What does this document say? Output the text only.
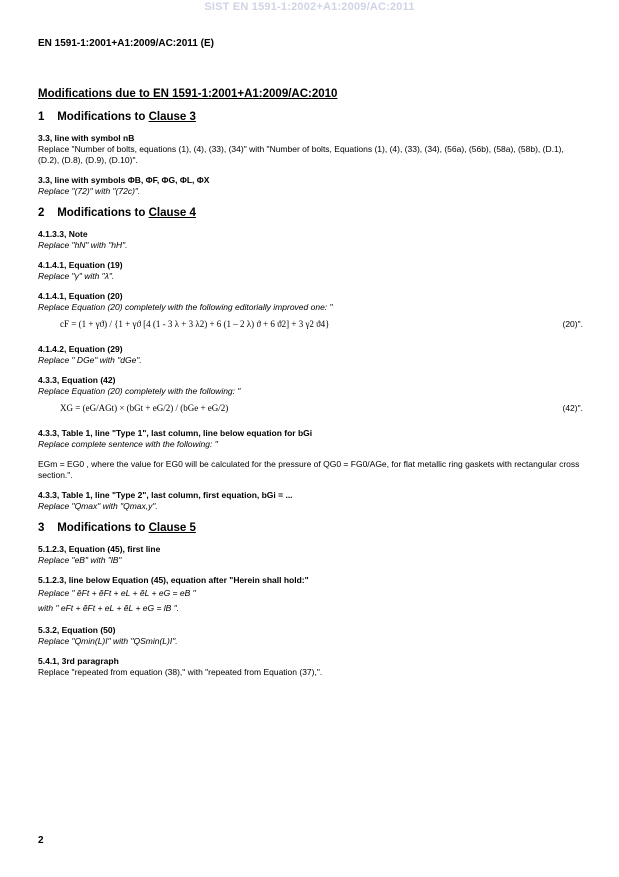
SIST EN 1591-1:2002+A1:2009/AC:2011
EN 1591-1:2001+A1:2009/AC:2011 (E)
Modifications due to EN 1591-1:2001+A1:2009/AC:2010
1 Modifications to Clause 3
3.3, line with symbol nB
Replace "Number of bolts, equations (1), (4), (33), (34)" with "Number of bolts, Equations (1), (4), (33), (34), (56a), (56b), (58a), (58b), (D.1), (D.2), (D.8), (D.9), (D.10)".
3.3, line with symbols ΦB, ΦF, ΦG, ΦL, ΦX
Replace "(72)" with "(72c)".
2 Modifications to Clause 4
4.1.3.3, Note
Replace "hN" with "hH".
4.1.4.1, Equation (19)
Replace "γ" with "λ".
4.1.4.1, Equation (20)
Replace Equation (20) completely with the following editorially improved one: "
cF = (1 + γϑ) / {1 + γϑ [4 (1 - 3 λ + 3 λ2) + 6 (1 – 2 λ) ϑ + 6 ϑ2] + 3 γ2 ϑ4}	(20)".
4.1.4.2, Equation (29)
Replace " DGe" with "dGe".
4.3.3, Equation (42)
Replace Equation (20) completely with the following: "
XG = (eG/AGt) × (bGt + eG/2) / (bGe + eG/2)	(42)".
4.3.3, Table 1, line "Type 1", last column, line below equation for bGi
Replace complete sentence with the following: "
EGm = EG0 , where the value for EG0 will be calculated for the pressure of QG0 = FG0/AGe, for flat metallic ring gaskets with rectangular cross section.".
4.3.3, Table 1, line "Type 2", last column, first equation, bGi = ...
Replace "Qmax" with "Qmax,y".
3 Modifications to Clause 5
5.1.2.3, Equation (45), first line
Replace "eB" with "lB"
5.1.2.3, line below Equation (45), equation after "Herein shall hold:"
Replace " ẽFt + ẽFt + eL + ẽL + eG = eB "
with " eFt + ẽFt + eL + ẽL + eG = lB ".
5.3.2, Equation (50)
Replace "Qmin(L)I" with "QSmin(L)I".
5.4.1, 3rd paragraph
Replace "repeated from equation (38)," with "repeated from Equation (37),".
2
